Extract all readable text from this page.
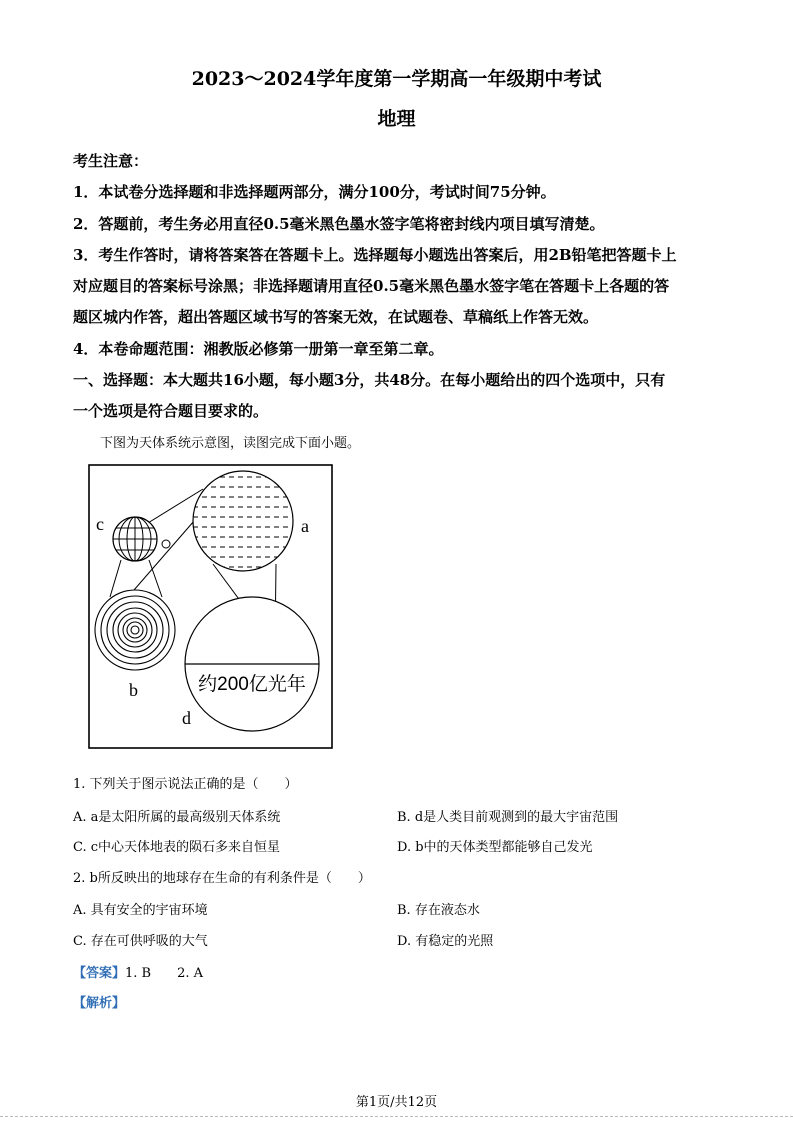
2023～2024学年度第一学期高一年级期中考试
地理
考生注意：
1．本试卷分选择题和非选择题两部分，满分100分，考试时间75分钟。
2．答题前，考生务必用直径0.5毫米黑色墨水签字笔将密封线内项目填写清楚。
3．考生作答时，请将答案答在答题卡上。选择题每小题选出答案后，用2B铅笔把答题卡上
对应题目的答案标号涂黑；非选择题请用直径0.5毫米黑色墨水签字笔在答题卡上各题的答
题区城内作答，超出答题区域书写的答案无效，在试题卷、草稿纸上作答无效。
4．本卷命题范围：湘教版必修第一册第一章至第二章。
一、选择题：本大题共16小题，每小题3分，共48分。在每小题给出的四个选项中，只有
一个选项是符合题目要求的。
下图为天体系统示意图，读图完成下面小题。
约200亿光年
c	a
b
d
1. 下列关于图示说法正确的是（　　）
A. a是太阳所属的最高级别天体系统	B. d是人类目前观测到的最大宇宙范围
C. c中心天体地表的陨石多来自恒星	D. b中的天体类型都能够自己发光
2. b所反映出的地球存在生命的有利条件是（　　）
A. 具有安全的宇宙环境	B. 存在液态水
C. 存在可供呼吸的大气	D. 有稳定的光照
【答案】1. B　　2. A
【解析】
第1页/共12页
